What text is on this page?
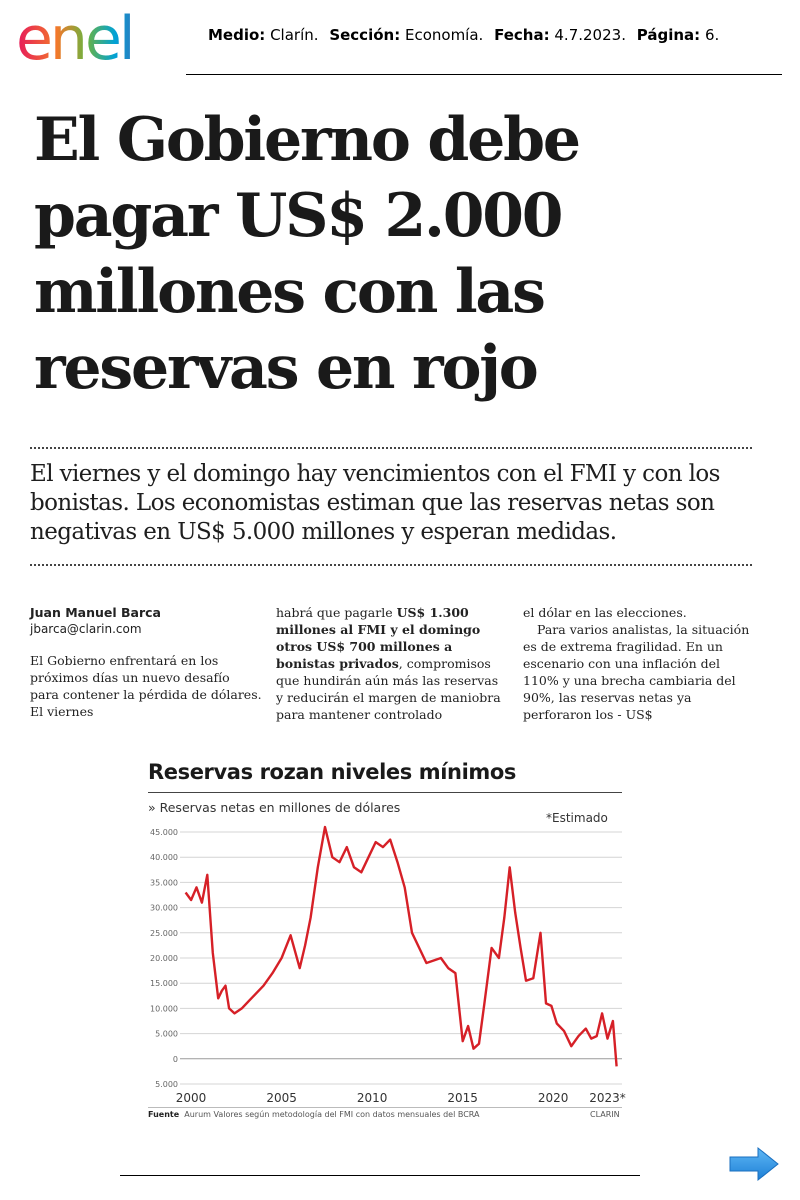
enel	Medio: Clarín. Sección: Economía. Fecha: 4.7.2023. Página: 6.
El Gobierno debe pagar US$ 2.000 millones con las reservas en rojo

El viernes y el domingo hay vencimientos con el FMI y con los bonistas. Los economistas estiman que las reservas netas son negativas en US$ 5.000 millones y esperan medidas.

Juan Manuel Barca
jbarca@clarin.com

El Gobierno enfrentará en los próximos días un nuevo desafío para contener la pérdida de dólares. El viernes

habrá que pagarle US$ 1.300 millones al FMI y el domingo otros US$ 700 millones a bonistas privados, compromisos que hundirán aún más las reservas y reducirán el margen de maniobra para mantener controlado

el dólar en las elecciones.

Para varios analistas, la situación es de extrema fragilidad. En un escenario con una inflación del 110% y una brecha cambiaria del 90%, las reservas netas ya perforaron los - US$

Reservas rozan niveles mínimos
» Reservas netas en millones de dólares
*Estimado
5.000
0
5.000
10.000
15.000
20.000
25.000
30.000
35.000
40.000
45.000
2000	2005	2010	2015	2020 2023*
Fuente Aurum Valores según metodología del FMI con datos mensuales del BCRA	CLARIN
